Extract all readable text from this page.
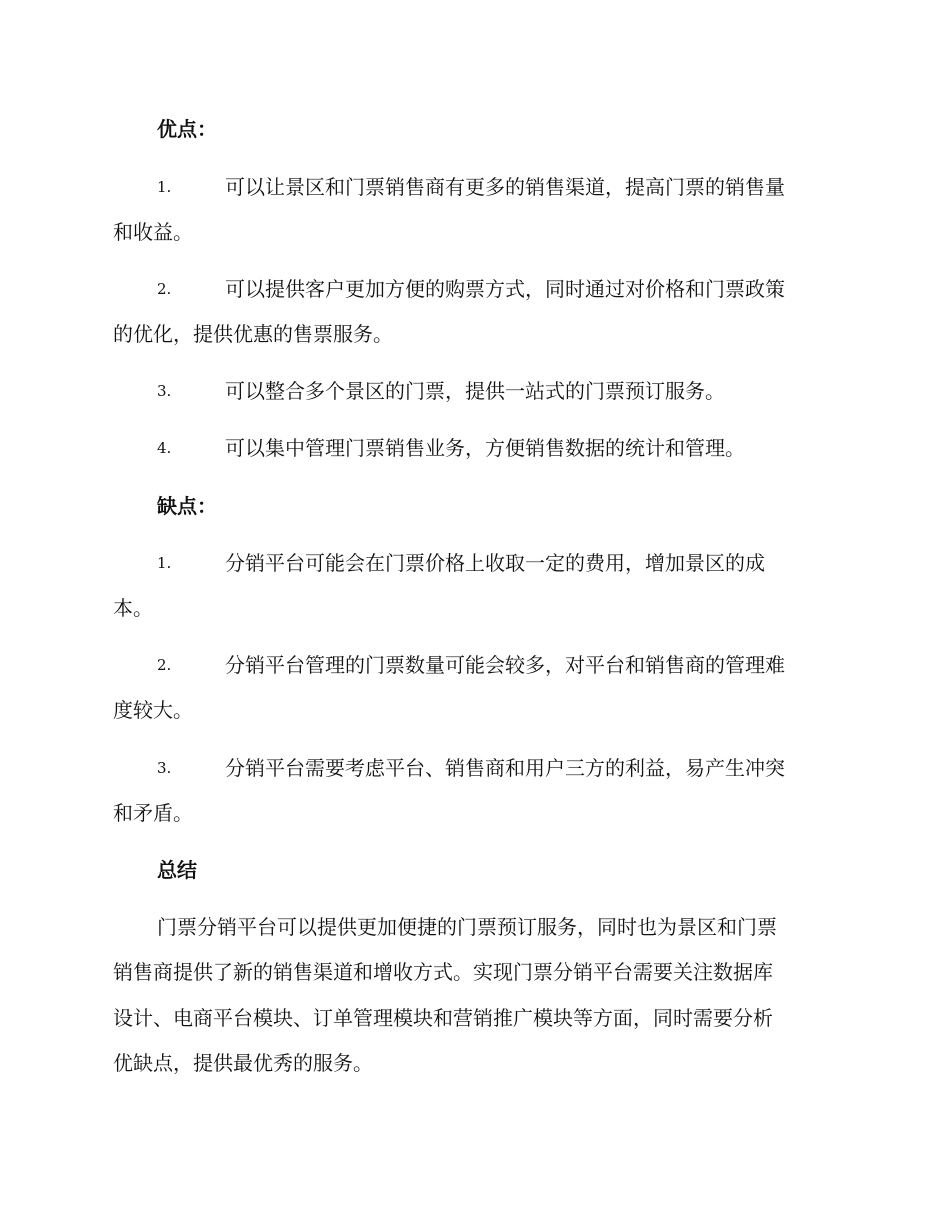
优点：
1.	可以让景区和门票销售商有更多的销售渠道，提高门票的销售量
和收益。
2.	可以提供客户更加方便的购票方式，同时通过对价格和门票政策
的优化，提供优惠的售票服务。
3.	可以整合多个景区的门票，提供一站式的门票预订服务。
4.	可以集中管理门票销售业务，方便销售数据的统计和管理。
缺点：
1.	分销平台可能会在门票价格上收取一定的费用，增加景区的成
本。
2.	分销平台管理的门票数量可能会较多，对平台和销售商的管理难
度较大。
3.	分销平台需要考虑平台、销售商和用户三方的利益，易产生冲突
和矛盾。
总结
门票分销平台可以提供更加便捷的门票预订服务，同时也为景区和门票
销售商提供了新的销售渠道和增收方式。实现门票分销平台需要关注数据库
设计、电商平台模块、订单管理模块和营销推广模块等方面，同时需要分析
优缺点，提供最优秀的服务。
